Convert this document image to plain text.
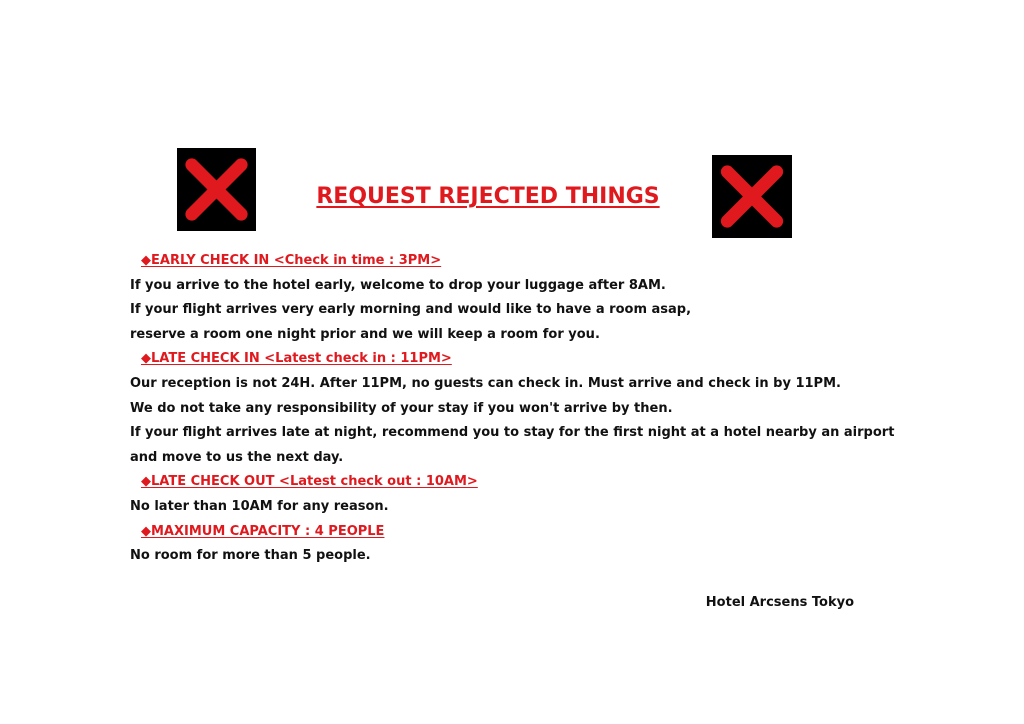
REQUEST REJECTED THINGS
◆EARLY CHECK IN <Check in time : 3PM>
If you arrive to the hotel early, welcome to drop your luggage after 8AM.
If your flight arrives very early morning and would like to have a room asap,
reserve a room one night prior and we will keep a room for you.
◆LATE CHECK IN <Latest check in : 11PM>
Our reception is not 24H. After 11PM, no guests can check in. Must arrive and check in by 11PM.
We do not take any responsibility of your stay if you won't arrive by then.
If your flight arrives late at night, recommend you to stay for the first night at a hotel nearby an airport
and move to us the next day.
◆LATE CHECK OUT <Latest check out : 10AM>
No later than 10AM for any reason.
◆MAXIMUM CAPACITY : 4 PEOPLE
No room for more than 5 people.
Hotel Arcsens Tokyo
